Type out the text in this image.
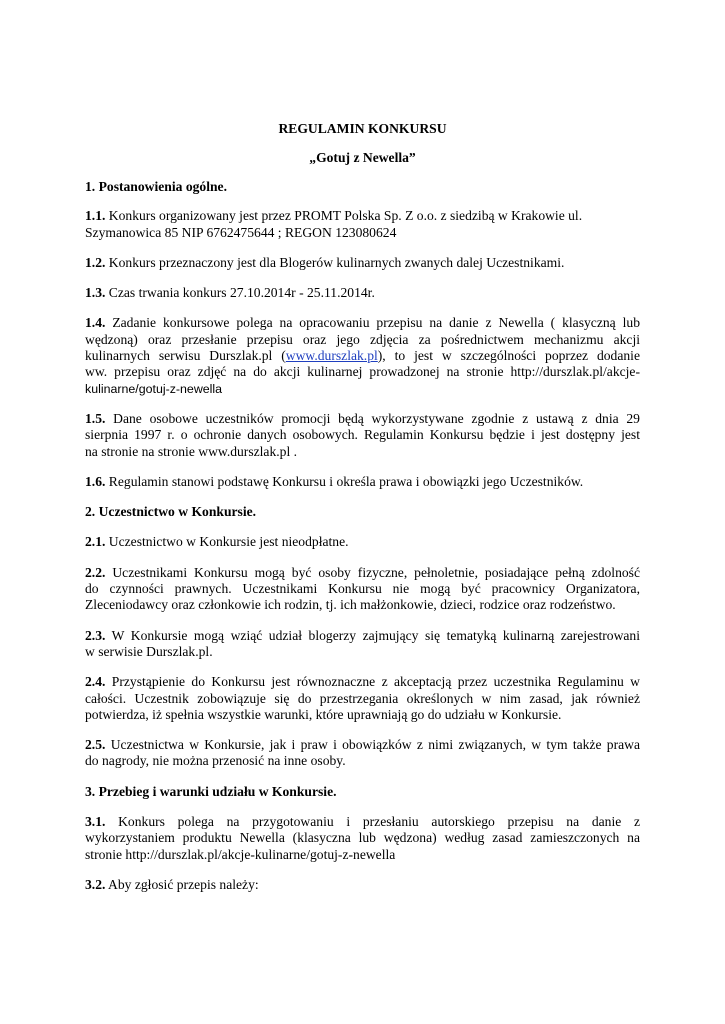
REGULAMIN KONKURSU

„Gotuj z Newella”

1. Postanowienia ogólne.

1.1. Konkurs organizowany jest przez PROMT Polska Sp. Z o.o. z siedzibą w Krakowie ul.
Szymanowica 85 NIP 6762475644 ; REGON 123080624

1.2. Konkurs przeznaczony jest dla Blogerów kulinarnych zwanych dalej Uczestnikami.

1.3. Czas trwania konkurs 27.10.2014r - 25.11.2014r.

1.4. Zadanie konkursowe polega na opracowaniu przepisu na danie z Newella ( klasyczną lub
wędzoną) oraz przesłanie przepisu oraz jego zdjęcia za pośrednictwem mechanizmu akcji
kulinarnych serwisu Durszlak.pl (www.durszlak.pl), to jest w szczególności poprzez dodanie
ww. przepisu oraz zdjęć na do akcji kulinarnej prowadzonej na stronie http://durszlak.pl/akcje-
kulinarne/gotuj-z-newella

1.5. Dane osobowe uczestników promocji będą wykorzystywane zgodnie z ustawą z dnia 29
sierpnia 1997 r. o ochronie danych osobowych. Regulamin Konkursu będzie i jest dostępny jest
na stronie na stronie www.durszlak.pl .

1.6. Regulamin stanowi podstawę Konkursu i określa prawa i obowiązki jego Uczestników.

2. Uczestnictwo w Konkursie.

2.1. Uczestnictwo w Konkursie jest nieodpłatne.

2.2. Uczestnikami Konkursu mogą być osoby fizyczne, pełnoletnie, posiadające pełną zdolność
do czynności prawnych. Uczestnikami Konkursu nie mogą być pracownicy Organizatora,
Zleceniodawcy oraz członkowie ich rodzin, tj. ich małżonkowie, dzieci, rodzice oraz rodzeństwo.

2.3. W Konkursie mogą wziąć udział blogerzy zajmujący się tematyką kulinarną zarejestrowani
w serwisie Durszlak.pl.

2.4. Przystąpienie do Konkursu jest równoznaczne z akceptacją przez uczestnika Regulaminu w
całości. Uczestnik zobowiązuje się do przestrzegania określonych w nim zasad, jak również
potwierdza, iż spełnia wszystkie warunki, które uprawniają go do udziału w Konkursie.

2.5. Uczestnictwa w Konkursie, jak i praw i obowiązków z nimi związanych, w tym także prawa
do nagrody, nie można przenosić na inne osoby.

3. Przebieg i warunki udziału w Konkursie.

3.1. Konkurs polega na przygotowaniu i przesłaniu autorskiego przepisu na danie z
wykorzystaniem produktu Newella (klasyczna lub wędzona) według zasad zamieszczonych na
stronie http://durszlak.pl/akcje-kulinarne/gotuj-z-newella

3.2. Aby zgłosić przepis należy:
